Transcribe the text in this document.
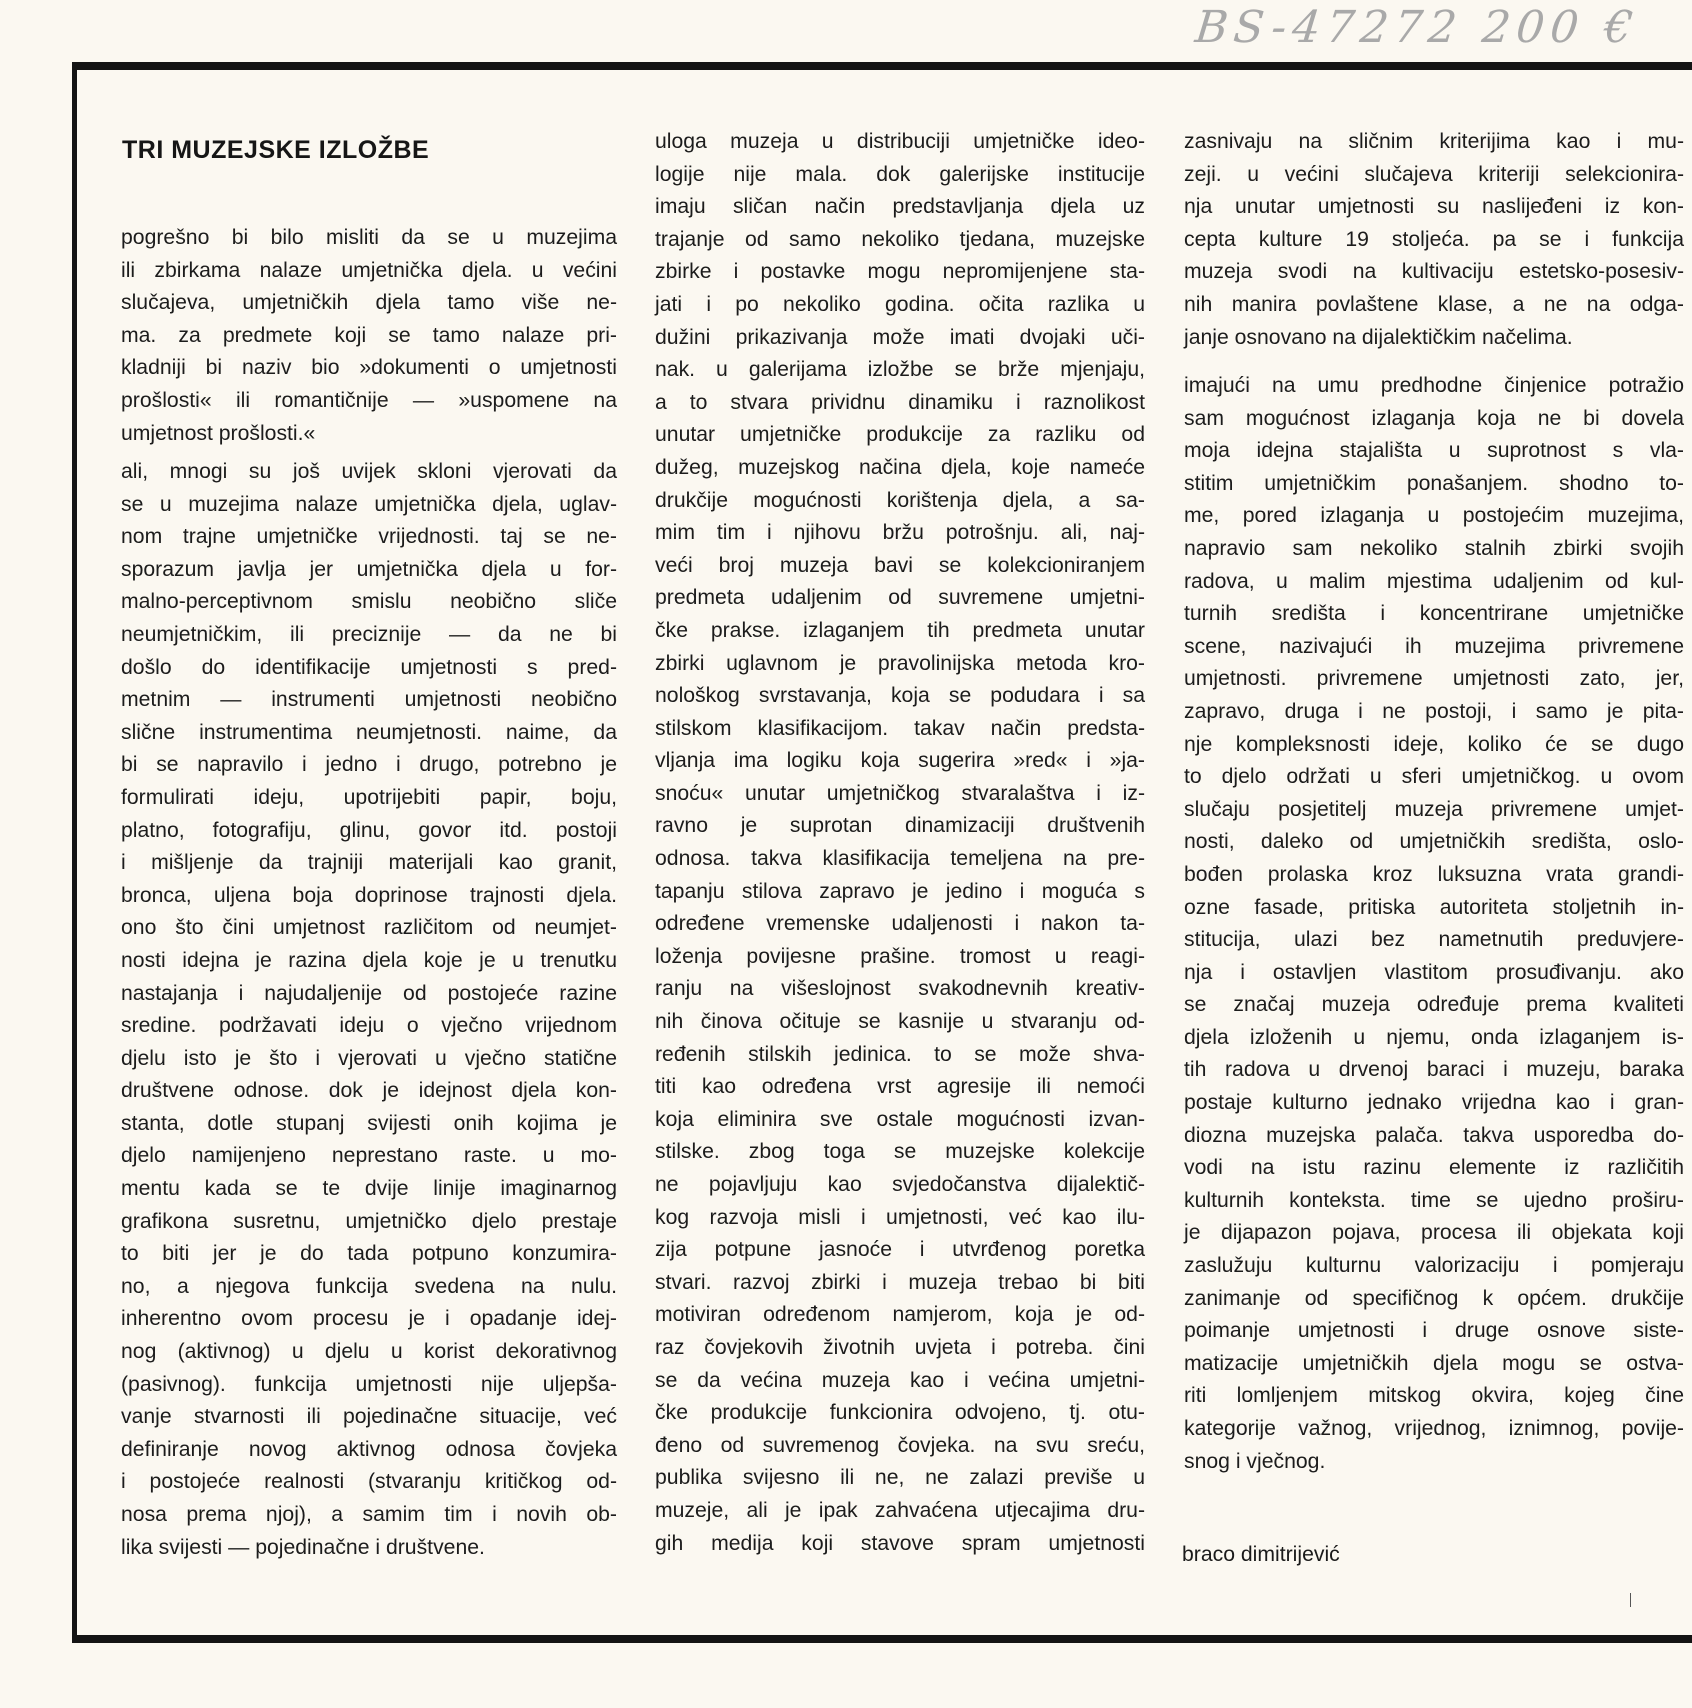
BS-47272 200 €
TRI MUZEJSKE IZLOŽBE
pogrešno bi bilo misliti da se u muzejima
ili zbirkama nalaze umjetnička djela. u većini
slučajeva, umjetničkih djela tamo više ne-
ma. za predmete koji se tamo nalaze pri-
kladniji bi naziv bio »dokumenti o umjetnosti
prošlosti« ili romantičnije — »uspomene na
umjetnost prošlosti.«
ali, mnogi su još uvijek skloni vjerovati da
se u muzejima nalaze umjetnička djela, uglav-
nom trajne umjetničke vrijednosti. taj se ne-
sporazum javlja jer umjetnička djela u for-
malno-perceptivnom smislu neobično sliče
neumjetničkim, ili preciznije — da ne bi
došlo do identifikacije umjetnosti s pred-
metnim — instrumenti umjetnosti neobično
slične instrumentima neumjetnosti. naime, da
bi se napravilo i jedno i drugo, potrebno je
formulirati ideju, upotrijebiti papir, boju,
platno, fotografiju, glinu, govor itd. postoji
i mišljenje da trajniji materijali kao granit,
bronca, uljena boja doprinose trajnosti djela.
ono što čini umjetnost različitom od neumjet-
nosti idejna je razina djela koje je u trenutku
nastajanja i najudaljenije od postojeće razine
sredine. podržavati ideju o vječno vrijednom
djelu isto je što i vjerovati u vječno statične
društvene odnose. dok je idejnost djela kon-
stanta, dotle stupanj svijesti onih kojima je
djelo namijenjeno neprestano raste. u mo-
mentu kada se te dvije linije imaginarnog
grafikona susretnu, umjetničko djelo prestaje
to biti jer je do tada potpuno konzumira-
no, a njegova funkcija svedena na nulu.
inherentno ovom procesu je i opadanje idej-
nog (aktivnog) u djelu u korist dekorativnog
(pasivnog). funkcija umjetnosti nije uljepša-
vanje stvarnosti ili pojedinačne situacije, već
definiranje novog aktivnog odnosa čovjeka
i postojeće realnosti (stvaranju kritičkog od-
nosa prema njoj), a samim tim i novih ob-
lika svijesti — pojedinačne i društvene.
uloga muzeja u distribuciji umjetničke ideo-
logije nije mala. dok galerijske institucije
imaju sličan način predstavljanja djela uz
trajanje od samo nekoliko tjedana, muzejske
zbirke i postavke mogu nepromijenjene sta-
jati i po nekoliko godina. očita razlika u
dužini prikazivanja može imati dvojaki uči-
nak. u galerijama izložbe se brže mjenjaju,
a to stvara prividnu dinamiku i raznolikost
unutar umjetničke produkcije za razliku od
dužeg, muzejskog načina djela, koje nameće
drukčije mogućnosti korištenja djela, a sa-
mim tim i njihovu bržu potrošnju. ali, naj-
veći broj muzeja bavi se kolekcioniranjem
predmeta udaljenim od suvremene umjetni-
čke prakse. izlaganjem tih predmeta unutar
zbirki uglavnom je pravolinijska metoda kro-
nološkog svrstavanja, koja se podudara i sa
stilskom klasifikacijom. takav način predsta-
vljanja ima logiku koja sugerira »red« i »ja-
snoću« unutar umjetničkog stvaralaštva i iz-
ravno je suprotan dinamizaciji društvenih
odnosa. takva klasifikacija temeljena na pre-
tapanju stilova zapravo je jedino i moguća s
određene vremenske udaljenosti i nakon ta-
loženja povijesne prašine. tromost u reagi-
ranju na višeslojnost svakodnevnih kreativ-
nih činova očituje se kasnije u stvaranju od-
ređenih stilskih jedinica. to se može shva-
titi kao određena vrst agresije ili nemoći
koja eliminira sve ostale mogućnosti izvan-
stilske. zbog toga se muzejske kolekcije
ne pojavljuju kao svjedočanstva dijalektič-
kog razvoja misli i umjetnosti, već kao ilu-
zija potpune jasnoće i utvrđenog poretka
stvari. razvoj zbirki i muzeja trebao bi biti
motiviran određenom namjerom, koja je od-
raz čovjekovih životnih uvjeta i potreba. čini
se da većina muzeja kao i većina umjetni-
čke produkcije funkcionira odvojeno, tj. otu-
đeno od suvremenog čovjeka. na svu sreću,
publika svijesno ili ne, ne zalazi previše u
muzeje, ali je ipak zahvaćena utjecajima dru-
gih medija koji stavove spram umjetnosti
zasnivaju na sličnim kriterijima kao i mu-
zeji. u većini slučajeva kriteriji selekcionira-
nja unutar umjetnosti su naslijeđeni iz kon-
cepta kulture 19 stoljeća. pa se i funkcija
muzeja svodi na kultivaciju estetsko-posesiv-
nih manira povlaštene klase, a ne na odga-
janje osnovano na dijalektičkim načelima.
imajući na umu predhodne činjenice potražio
sam mogućnost izlaganja koja ne bi dovela
moja idejna stajališta u suprotnost s vla-
stitim umjetničkim ponašanjem. shodno to-
me, pored izlaganja u postojećim muzejima,
napravio sam nekoliko stalnih zbirki svojih
radova, u malim mjestima udaljenim od kul-
turnih središta i koncentrirane umjetničke
scene, nazivajući ih muzejima privremene
umjetnosti. privremene umjetnosti zato, jer,
zapravo, druga i ne postoji, i samo je pita-
nje kompleksnosti ideje, koliko će se dugo
to djelo održati u sferi umjetničkog. u ovom
slučaju posjetitelj muzeja privremene umjet-
nosti, daleko od umjetničkih središta, oslo-
bođen prolaska kroz luksuzna vrata grandi-
ozne fasade, pritiska autoriteta stoljetnih in-
stitucija, ulazi bez nametnutih preduvjere-
nja i ostavljen vlastitom prosuđivanju. ako
se značaj muzeja određuje prema kvaliteti
djela izloženih u njemu, onda izlaganjem is-
tih radova u drvenoj baraci i muzeju, baraka
postaje kulturno jednako vrijedna kao i gran-
diozna muzejska palača. takva usporedba do-
vodi na istu razinu elemente iz različitih
kulturnih konteksta. time se ujedno proširu-
je dijapazon pojava, procesa ili objekata koji
zaslužuju kulturnu valorizaciju i pomjeraju
zanimanje od specifičnog k općem. drukčije
poimanje umjetnosti i druge osnove siste-
matizacije umjetničkih djela mogu se ostva-
riti lomljenjem mitskog okvira, kojeg čine
kategorije važnog, vrijednog, iznimnog, povije-
snog i vječnog.
braco dimitrijević
